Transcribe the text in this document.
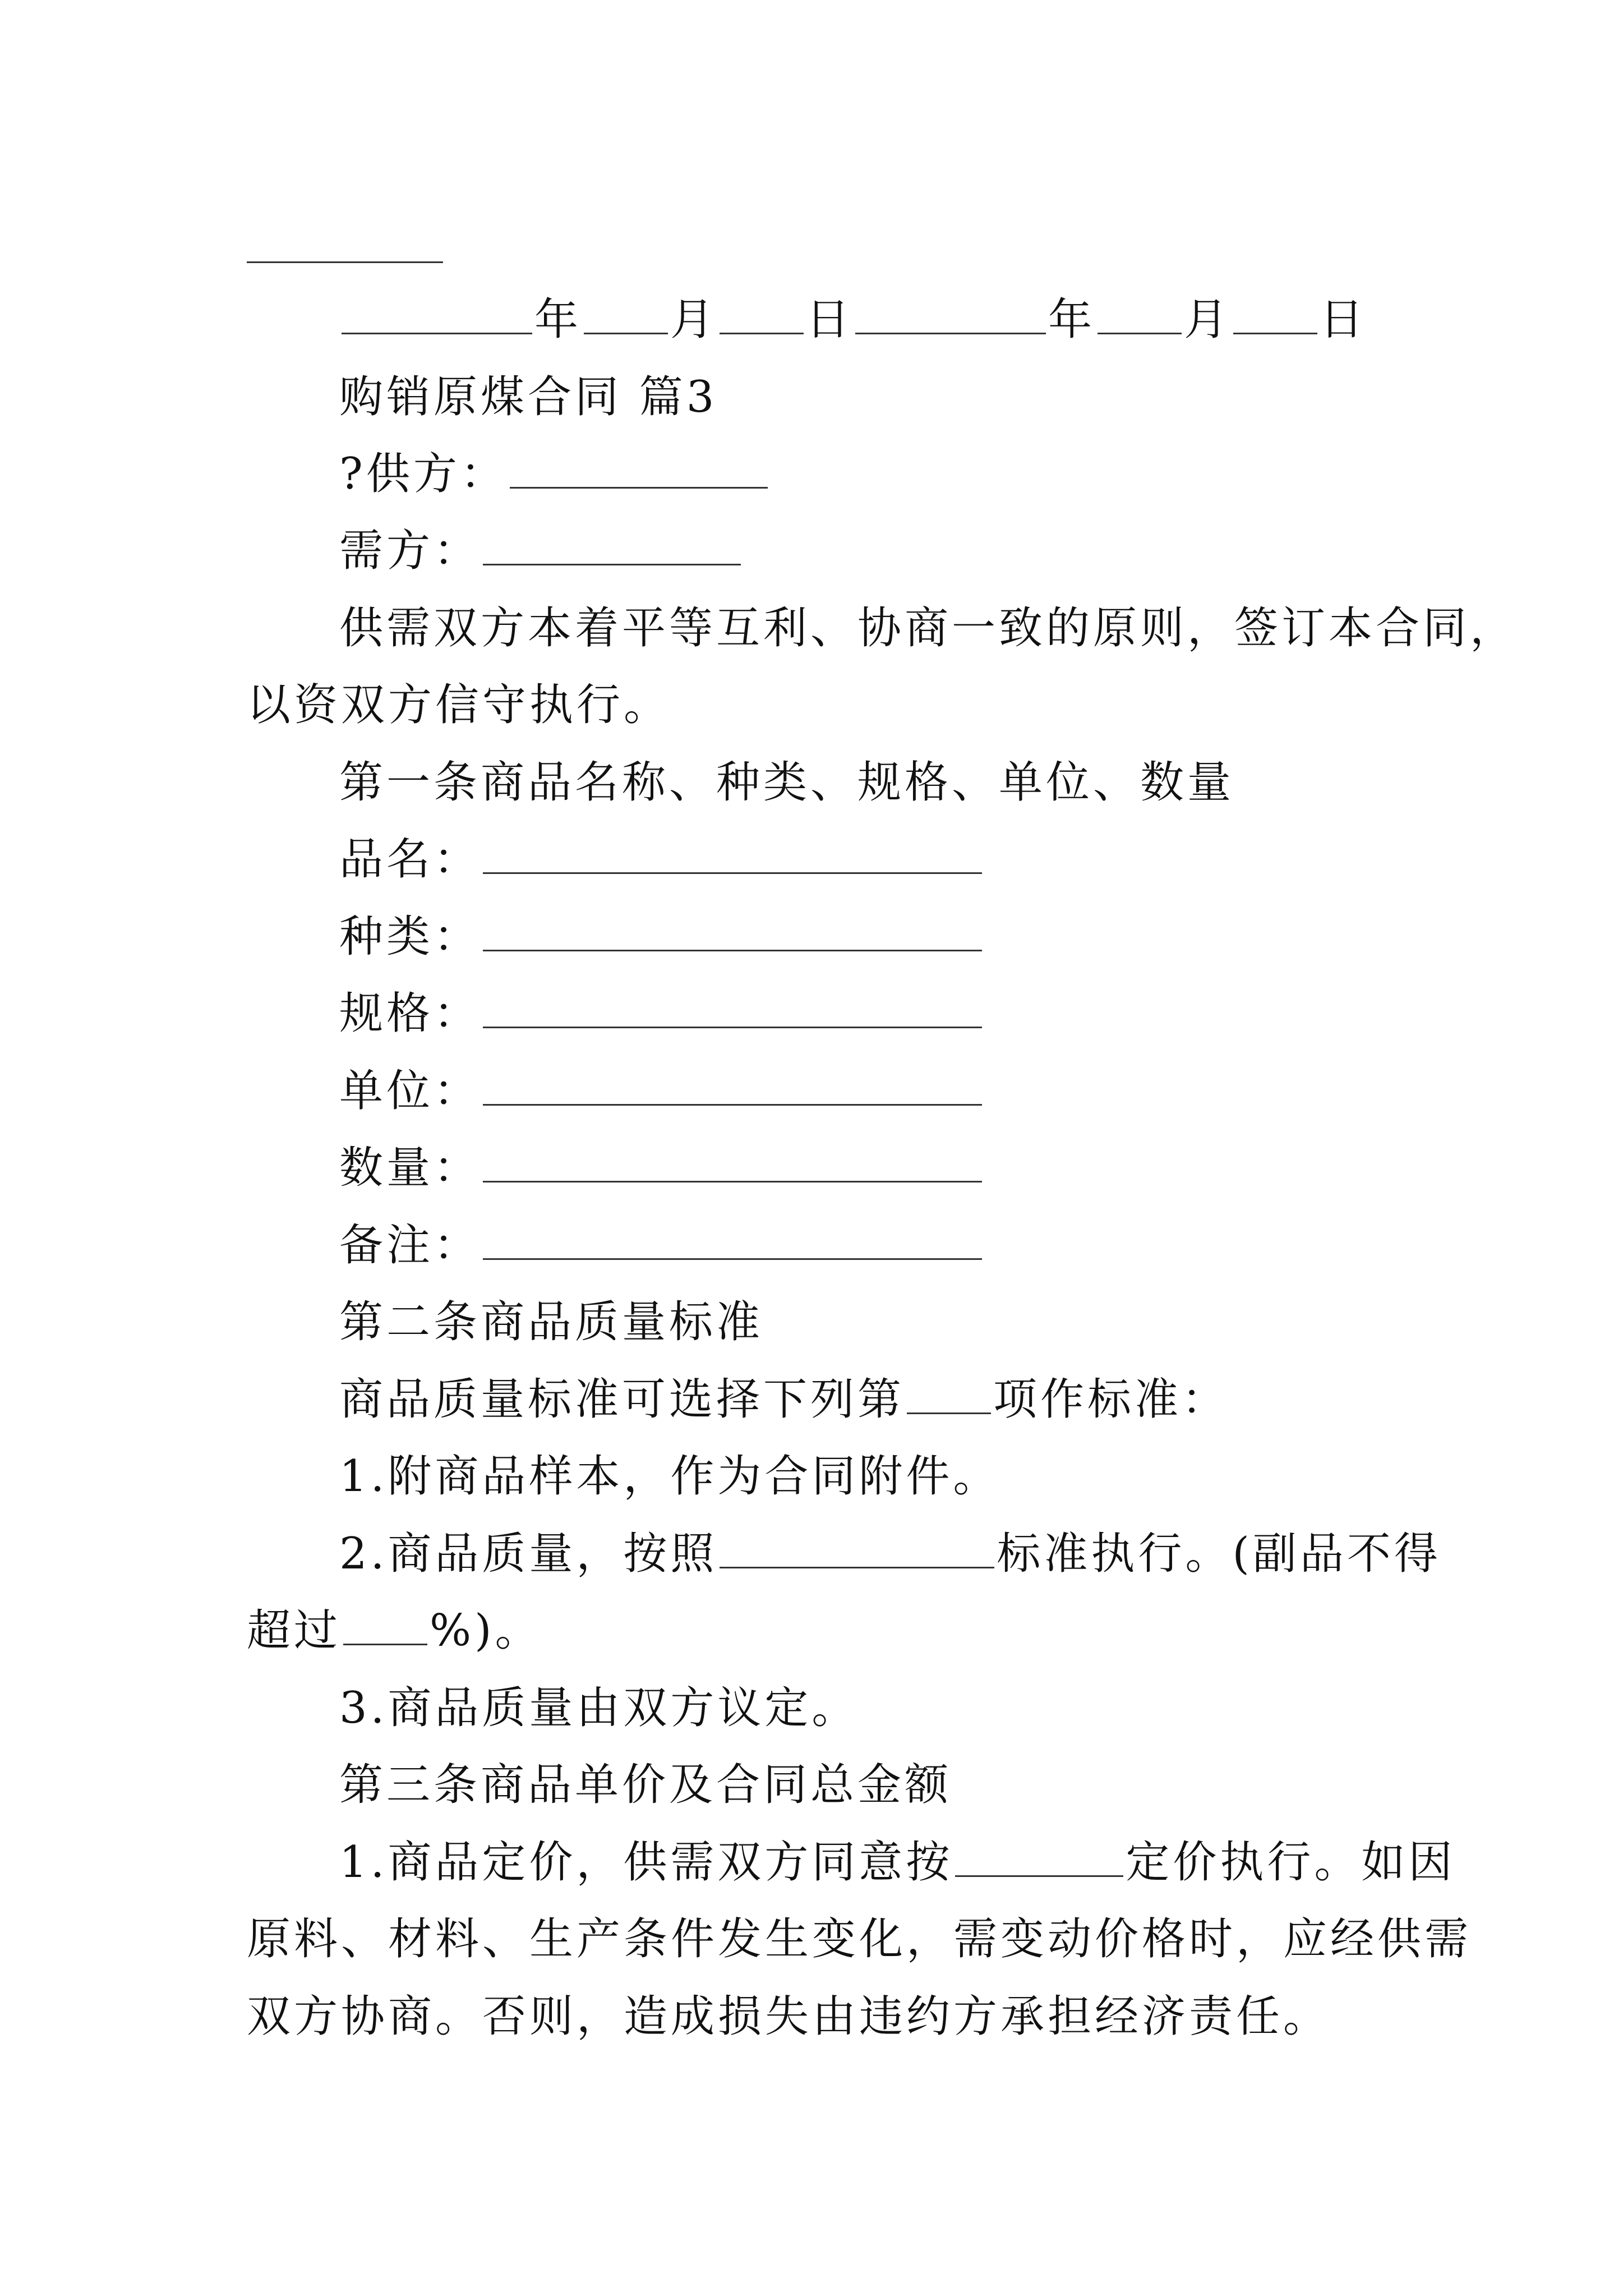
年 月 日	年 月 日
购销原煤合同 篇3
?供方：
需方：
供需双方本着平等互利、协商一致的原则，签订本合同，
以资双方信守执行。
第一条商品名称、种类、规格、单位、数量
品名：
种类：
规格：
单位：
数量：
备注：
第二条商品质量标准
商品质量标准可选择下列第 项作标准：
1.附商品样本，作为合同附件。
2.商品质量，按照	标准执行。(副品不得
超过 %)。
3.商品质量由双方议定。
第三条商品单价及合同总金额
1.商品定价，供需双方同意按	定价执行。如因
原料、材料、生产条件发生变化，需变动价格时，应经供需
双方协商。否则，造成损失由违约方承担经济责任。
